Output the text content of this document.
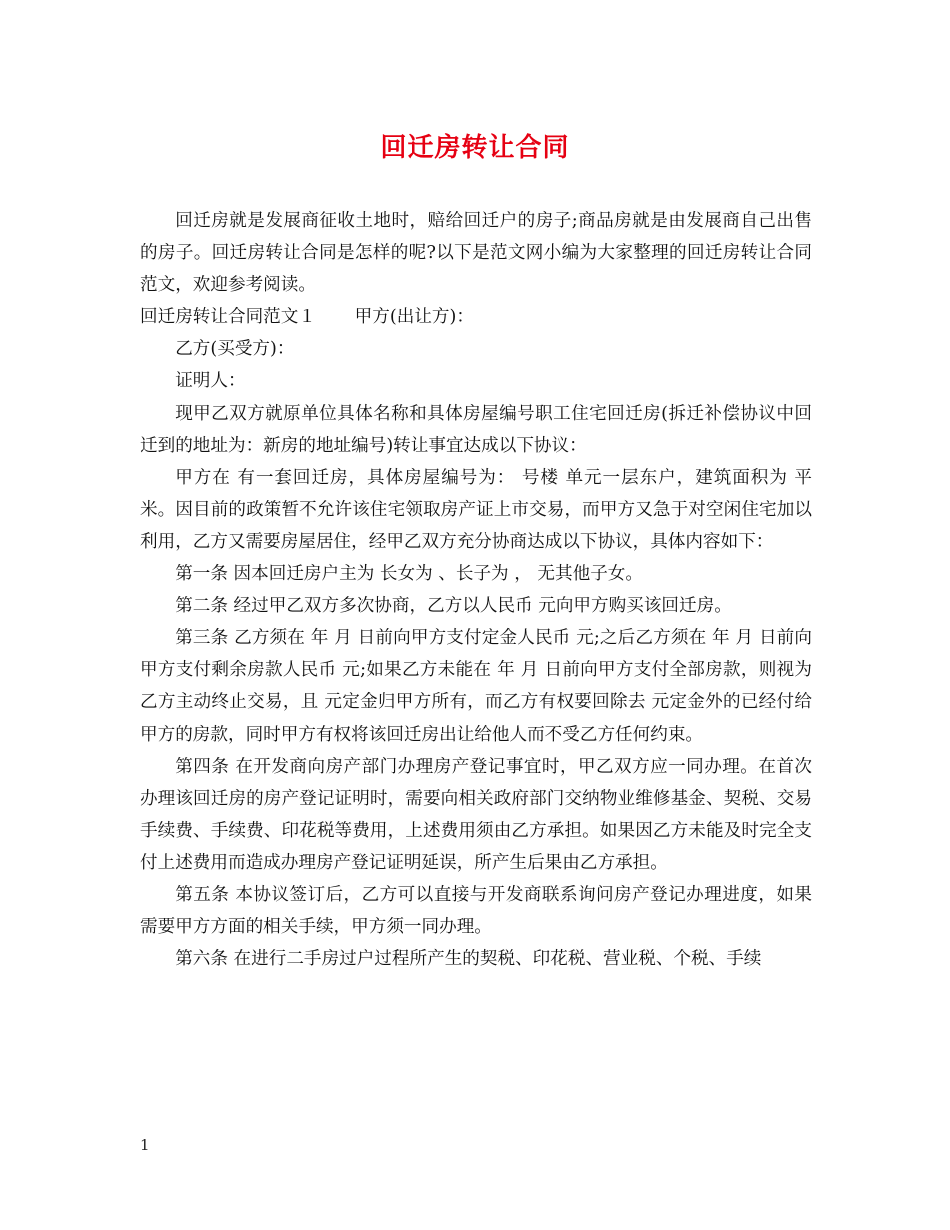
回迁房转让合同

回迁房就是发展商征收土地时，赔给回迁户的房子;商品房就是由发展商自己出售的房子。回迁房转让合同是怎样的呢?以下是范文网小编为大家整理的回迁房转让合同范文，欢迎参考阅读。

回迁房转让合同范文１ 甲方(出让方)：

乙方(买受方)：

证明人：

现甲乙双方就原单位具体名称和具体房屋编号职工住宅回迁房(拆迁补偿协议中回迁到的地址为：新房的地址编号)转让事宜达成以下协议：

甲方在 有一套回迁房，具体房屋编号为： 号楼 单元一层东户，建筑面积为 平米。因目前的政策暂不允许该住宅领取房产证上市交易，而甲方又急于对空闲住宅加以利用，乙方又需要房屋居住，经甲乙双方充分协商达成以下协议，具体内容如下：

第一条 因本回迁房户主为 长女为 、长子为 ， 无其他子女。

第二条 经过甲乙双方多次协商，乙方以人民币 元向甲方购买该回迁房。

第三条 乙方须在 年 月 日前向甲方支付定金人民币 元;之后乙方须在 年 月 日前向甲方支付剩余房款人民币 元;如果乙方未能在 年 月 日前向甲方支付全部房款，则视为乙方主动终止交易，且 元定金归甲方所有，而乙方有权要回除去 元定金外的已经付给甲方的房款，同时甲方有权将该回迁房出让给他人而不受乙方任何约束。

第四条 在开发商向房产部门办理房产登记事宜时，甲乙双方应一同办理。在首次办理该回迁房的房产登记证明时，需要向相关政府部门交纳物业维修基金、契税、交易手续费、手续费、印花税等费用，上述费用须由乙方承担。如果因乙方未能及时完全支付上述费用而造成办理房产登记证明延误，所产生后果由乙方承担。

第五条 本协议签订后，乙方可以直接与开发商联系询问房产登记办理进度，如果需要甲方方面的相关手续，甲方须一同办理。

第六条 在进行二手房过户过程所产生的契税、印花税、营业税、个税、手续

1
